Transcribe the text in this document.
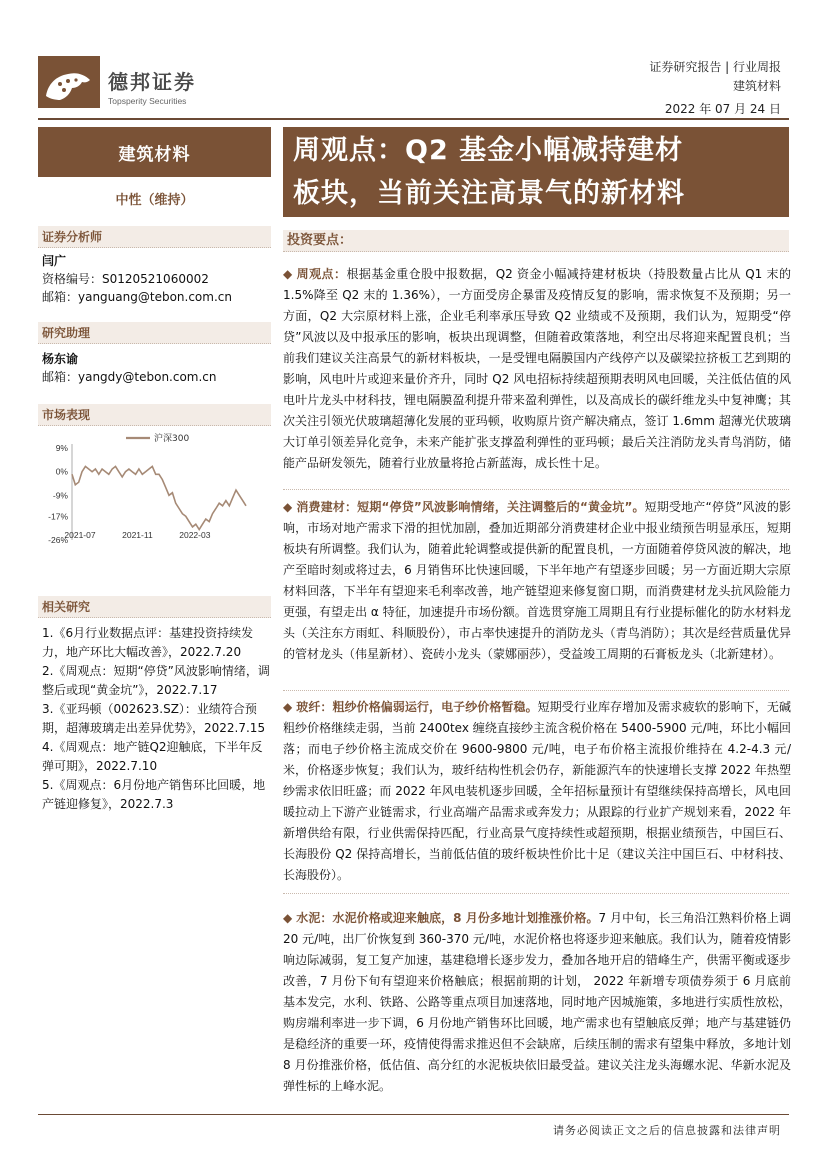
德邦证券
Topsperity Securities
证券研究报告 | 行业周报
建筑材料
2022 年 07 月 24 日
建筑材料
中性（维持）
证券分析师
闫广
资格编号：S0120521060002
邮箱：yanguang@tebon.com.cn
研究助理
杨东谕
邮箱：yangdy@tebon.com.cn
市场表现
9%
0%
-9%
-17%
-26%
2021-07	2021-11	2022-03
沪深300
相关研究
1.《6月行业数据点评：基建投资持续发力，地产环比大幅改善》，2022.7.20
2.《周观点：短期“停贷”风波影响情绪，调整后或现“黄金坑”》，2022.7.17
3.《亚玛顿（002623.SZ）：业绩符合预期，超薄玻璃走出差异优势》，2022.7.15
4.《周观点：地产链Q2迎触底，下半年反弹可期》，2022.7.10
5.《周观点：6月份地产销售环比回暖，地产链迎修复》，2022.7.3
周观点：Q2 基金小幅减持建材
板块，当前关注高景气的新材料
投资要点：
◆ 周观点：根据基金重仓股中报数据，Q2 资金小幅减持建材板块（持股数量占比从 Q1 末的 1.5%降至 Q2 末的 1.36%），一方面受房企暴雷及疫情反复的影响，需求恢复不及预期；另一方面，Q2 大宗原材料上涨，企业毛利率承压导致 Q2 业绩或不及预期，我们认为，短期受“停贷”风波以及中报承压的影响，板块出现调整，但随着政策落地，利空出尽将迎来配置良机；当前我们建议关注高景气的新材料板块，一是受锂电隔膜国内产线停产以及碳梁拉挤板工艺到期的影响，风电叶片或迎来量价齐升，同时 Q2 风电招标持续超预期表明风电回暖，关注低估值的风电叶片龙头中材科技，锂电隔膜盈利提升带来盈利弹性，以及高成长的碳纤维龙头中复神鹰；其次关注引领光伏玻璃超薄化发展的亚玛顿，收购原片资产解决痛点，签订 1.6mm 超薄光伏玻璃大订单引领差异化竞争，未来产能扩张支撑盈利弹性的亚玛顿；最后关注消防龙头青鸟消防，储能产品研发领先，随着行业放量将抢占新蓝海，成长性十足。
◆ 消费建材：短期“停贷”风波影响情绪，关注调整后的“黄金坑”。短期受地产“停贷”风波的影响，市场对地产需求下滑的担忧加剧，叠加近期部分消费建材企业中报业绩预告明显承压，短期板块有所调整。我们认为，随着此轮调整或提供新的配置良机，一方面随着停贷风波的解决，地产至暗时刻或将过去，6 月销售环比快速回暖，下半年地产有望逐步回暖；另一方面近期大宗原材料回落，下半年有望迎来毛利率改善，地产链望迎来修复窗口期，而消费建材龙头抗风险能力更强，有望走出 α 特征，加速提升市场份额。首选贯穿施工周期且有行业提标催化的防水材料龙头（关注东方雨虹、科顺股份），市占率快速提升的消防龙头（青鸟消防）；其次是经营质量优异的管材龙头（伟星新材）、瓷砖小龙头（蒙娜丽莎），受益竣工周期的石膏板龙头（北新建材）。
◆ 玻纤：粗纱价格偏弱运行，电子纱价格暂稳。短期受行业库存增加及需求疲软的影响下，无碱粗纱价格继续走弱，当前 2400tex 缠绕直接纱主流含税价格在 5400-5900 元/吨，环比小幅回落；而电子纱价格主流成交价在 9600-9800 元/吨，电子布价格主流报价维持在 4.2-4.3 元/米，价格逐步恢复；我们认为，玻纤结构性机会仍存，新能源汽车的快速增长支撑 2022 年热塑纱需求依旧旺盛；而 2022 年风电装机逐步回暖，全年招标量预计有望继续保持高增长，风电回暖拉动上下游产业链需求，行业高端产品需求或奔发力；从跟踪的行业扩产规划来看，2022 年新增供给有限，行业供需保持匹配，行业高景气度持续性或超预期，根据业绩预告，中国巨石、长海股份 Q2 保持高增长，当前低估值的玻纤板块性价比十足（建议关注中国巨石、中材科技、长海股份）。
◆ 水泥：水泥价格或迎来触底，8 月份多地计划推涨价格。7 月中旬，长三角沿江熟料价格上调 20 元/吨，出厂价恢复到 360-370 元/吨，水泥价格也将逐步迎来触底。我们认为，随着疫情影响边际减弱，复工复产加速，基建稳增长逐步发力，叠加各地开启的错峰生产，供需平衡或逐步改善，7 月份下旬有望迎来价格触底；根据前期的计划， 2022 年新增专项债券须于 6 月底前基本发完，水利、铁路、公路等重点项目加速落地，同时地产因城施策，多地进行实质性放松，购房端利率进一步下调，6 月份地产销售环比回暖，地产需求也有望触底反弹；地产与基建链仍是稳经济的重要一环，疫情使得需求推迟但不会缺席，后续压制的需求有望集中释放，多地计划 8 月份推涨价格，低估值、高分红的水泥板块依旧最受益。建议关注龙头海螺水泥、华新水泥及弹性标的上峰水泥。
请务必阅读正文之后的信息披露和法律声明
